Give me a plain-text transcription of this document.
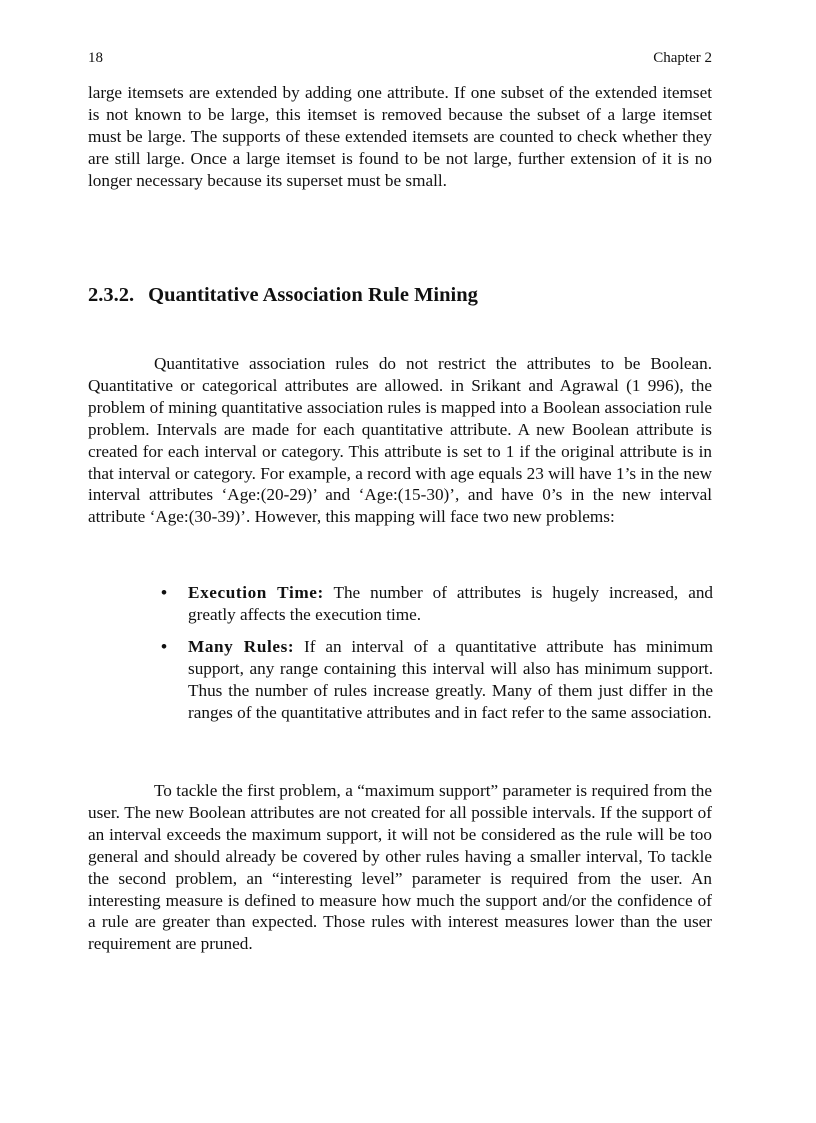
18	Chapter 2

large itemsets are extended by adding one attribute. If one subset of the extended itemset is not known to be large, this itemset is removed because the subset of a large itemset must be large. The supports of these extended itemsets are counted to check whether they are still large. Once a large itemset is found to be not large, further extension of it is no longer necessary because its superset must be small.

2.3.2. Quantitative Association Rule Mining

Quantitative association rules do not restrict the attributes to be Boolean. Quantitative or categorical attributes are allowed. in Srikant and Agrawal (1 996), the problem of mining quantitative association rules is mapped into a Boolean association rule problem. Intervals are made for each quantitative attribute. A new Boolean attribute is created for each interval or category. This attribute is set to 1 if the original attribute is in that interval or category. For example, a record with age equals 23 will have 1’s in the new interval attributes ‘Age:(20-29)’ and ‘Age:(15-30)’, and have 0’s in the new interval attribute ‘Age:(30-39)’. However, this mapping will face two new problems:

•	Execution Time: The number of attributes is hugely increased, and greatly affects the execution time.
•	Many Rules: If an interval of a quantitative attribute has minimum support, any range containing this interval will also has minimum support. Thus the number of rules increase greatly. Many of them just differ in the ranges of the quantitative attributes and in fact refer to the same association.

To tackle the first problem, a “maximum support” parameter is required from the user. The new Boolean attributes are not created for all possible intervals. If the support of an interval exceeds the maximum support, it will not be considered as the rule will be too general and should already be covered by other rules having a smaller interval, To tackle the second problem, an “interesting level” parameter is required from the user. An interesting measure is defined to measure how much the support and/or the confidence of a rule are greater than expected. Those rules with interest measures lower than the user requirement are pruned.
